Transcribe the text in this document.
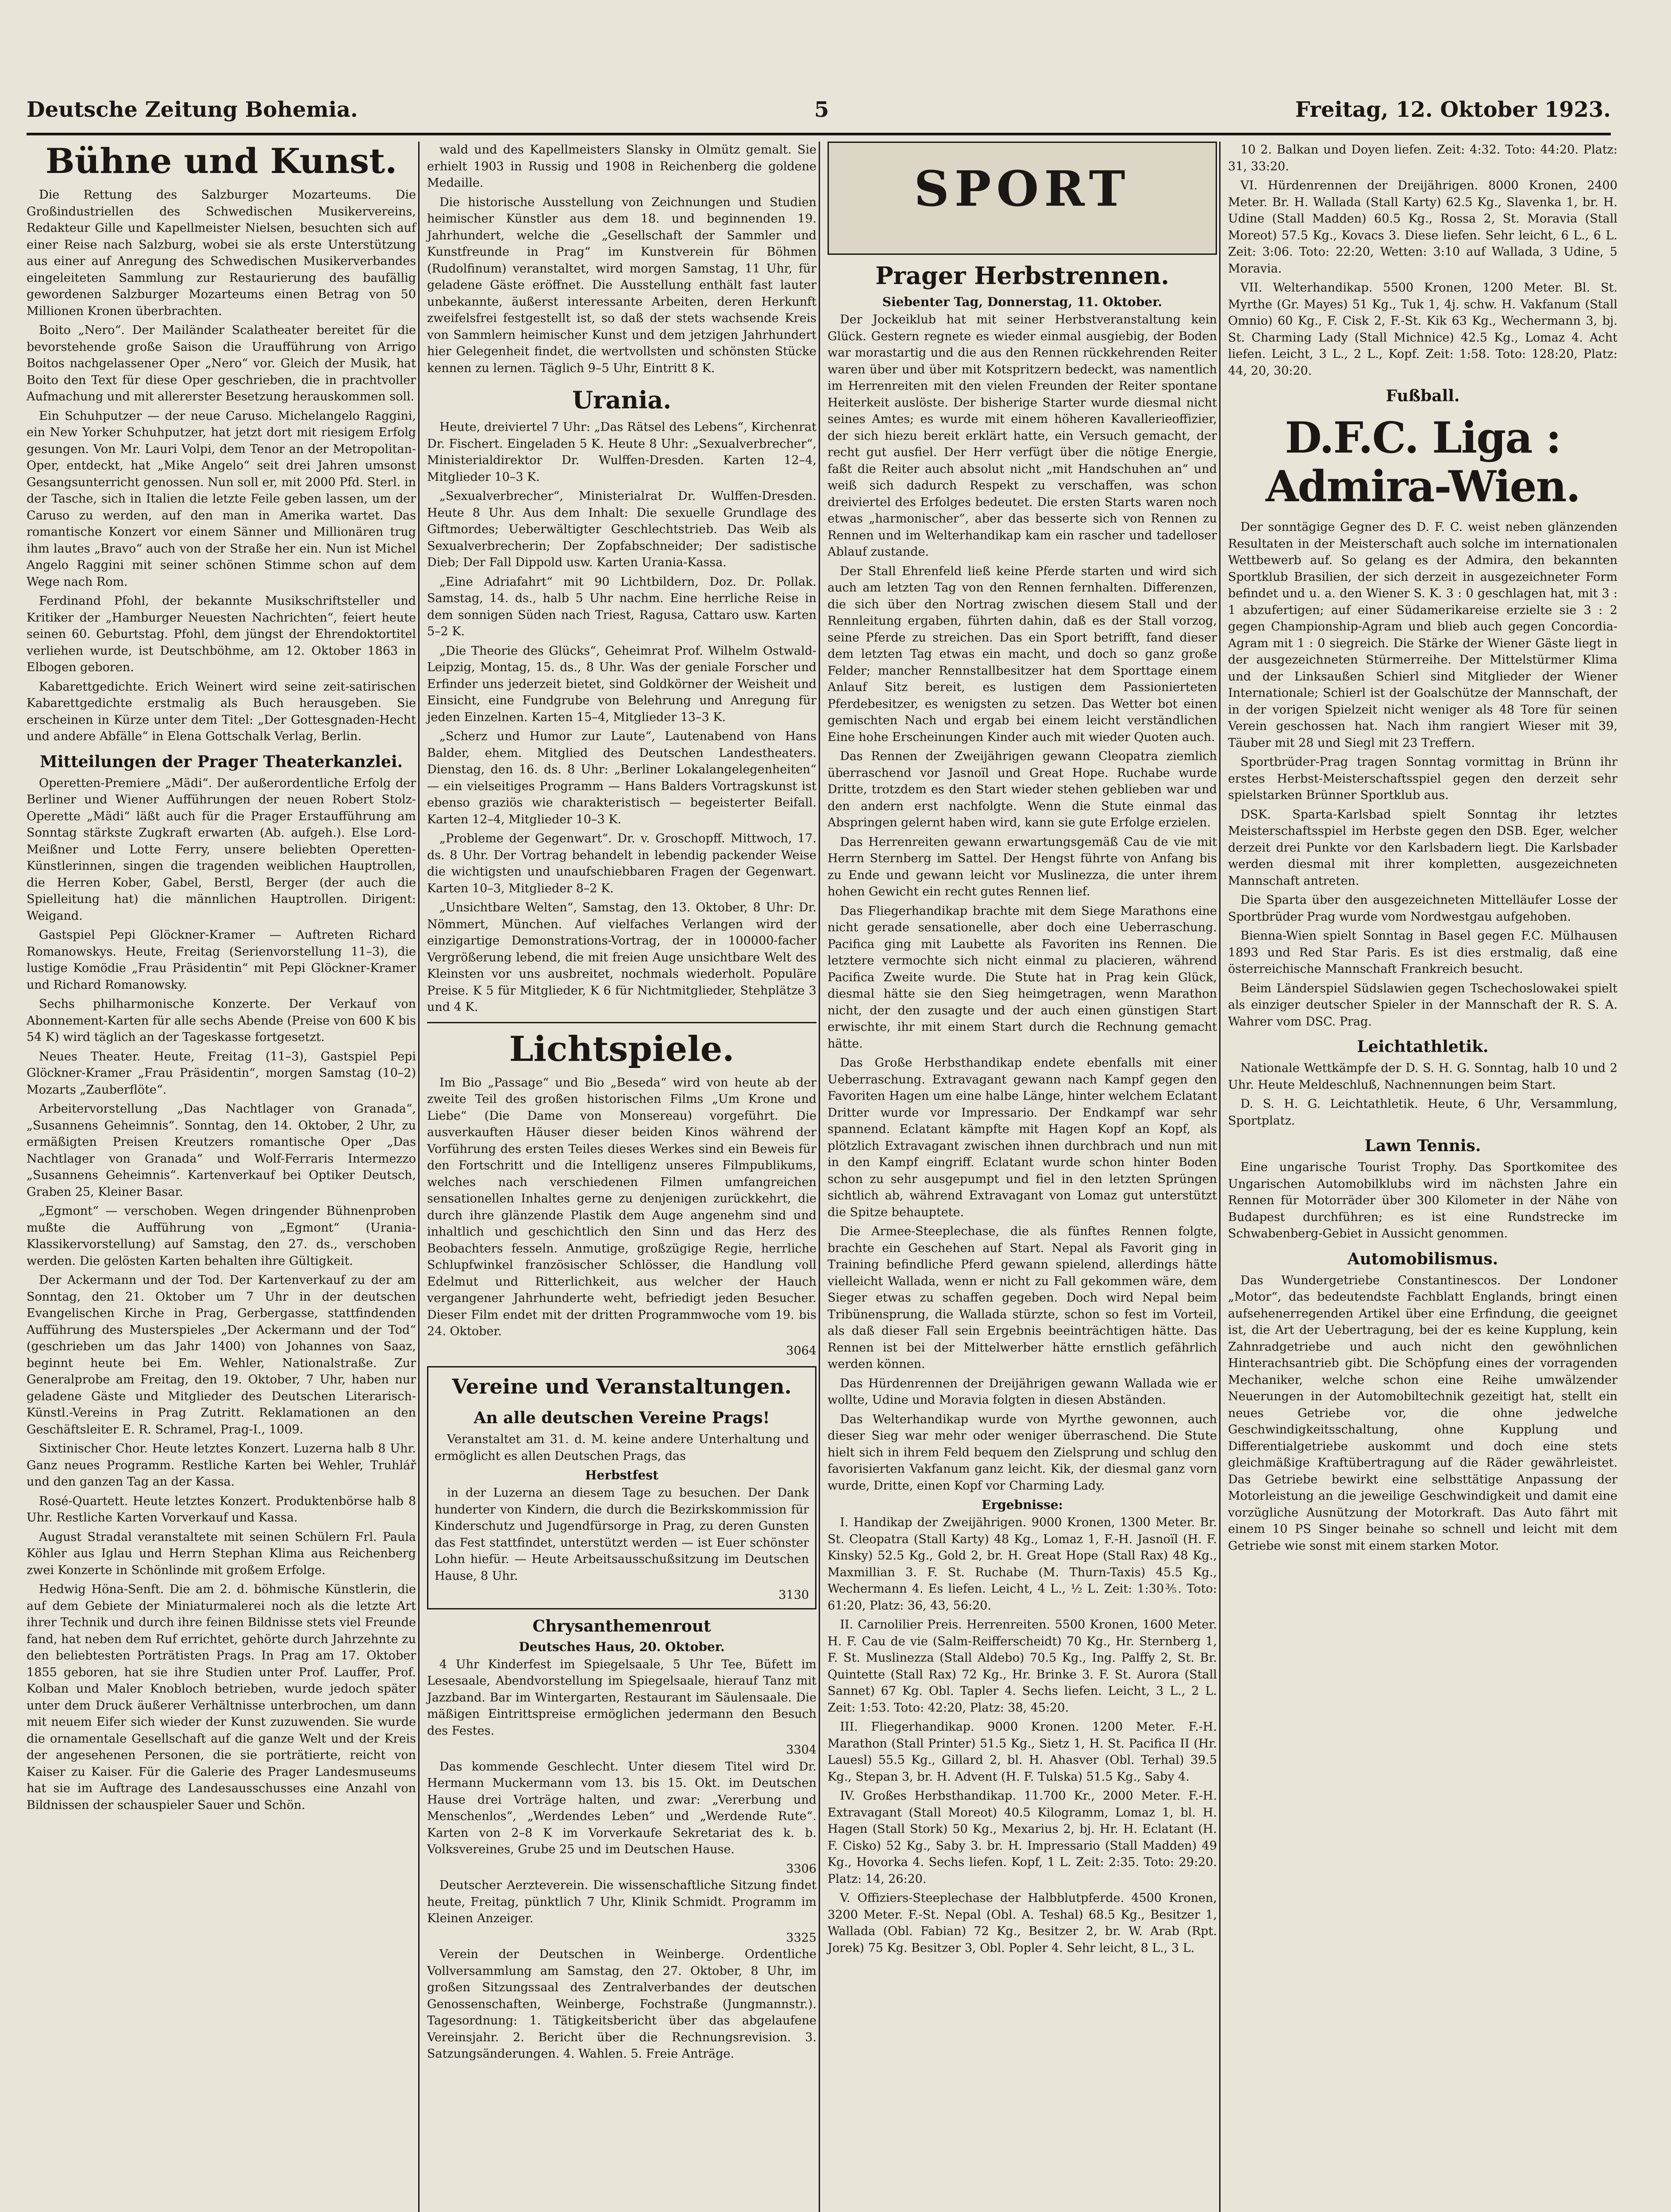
Deutsche Zeitung Bohemia.	5	Freitag, 12. Oktober 1923.
Bühne und Kunst.

Die Rettung des Salzburger Mozarteums. Die Großindustriellen des Schwedischen Musikervereins, Redakteur Gille und Kapellmeister Nielsen, besuchten sich auf einer Reise nach Salzburg, wobei sie als erste Unterstützung aus einer auf Anregung des Schwedischen Musikerverbandes eingeleiteten Sammlung zur Restaurierung des baufällig gewordenen Salzburger Mozarteums einen Betrag von 50 Millionen Kronen überbrachten.

Boito „Nero“. Der Mailänder Scalatheater bereitet für die bevorstehende große Saison die Uraufführung von Arrigo Boitos nachgelassener Oper „Nero“ vor. Gleich der Musik, hat Boito den Text für diese Oper geschrieben, die in prachtvoller Aufmachung und mit allererster Besetzung herauskommen soll.

Ein Schuhputzer — der neue Caruso. Michelangelo Raggini, ein New Yorker Schuhputzer, hat jetzt dort mit riesigem Erfolg gesungen. Von Mr. Lauri Volpi, dem Tenor an der Metropolitan-Oper, entdeckt, hat „Mike Angelo“ seit drei Jahren umsonst Gesangsunterricht genossen. Nun soll er, mit 2000 Pfd. Sterl. in der Tasche, sich in Italien die letzte Feile geben lassen, um der Caruso zu werden, auf den man in Amerika wartet. Das romantische Konzert vor einem Sänner und Millionären trug ihm lautes „Bravo“ auch von der Straße her ein. Nun ist Michel Angelo Raggini mit seiner schönen Stimme schon auf dem Wege nach Rom.

Ferdinand Pfohl, der bekannte Musikschriftsteller und Kritiker der „Hamburger Neuesten Nachrichten“, feiert heute seinen 60. Geburtstag. Pfohl, dem jüngst der Ehrendoktortitel verliehen wurde, ist Deutschböhme, am 12. Oktober 1863 in Elbogen geboren.

Kabarettgedichte. Erich Weinert wird seine zeit-satirischen Kabarettgedichte erstmalig als Buch herausgeben. Sie erscheinen in Kürze unter dem Titel: „Der Gottesgnaden-Hecht und andere Abfälle“ in Elena Gottschalk Verlag, Berlin.

Mitteilungen der Prager Theaterkanzlei.

Operetten-Premiere „Mädi“. Der außerordentliche Erfolg der Berliner und Wiener Aufführungen der neuen Robert Stolz-Operette „Mädi“ läßt auch für die Prager Erstaufführung am Sonntag stärkste Zugkraft erwarten (Ab. aufgeh.). Else Lord-Meißner und Lotte Ferry, unsere beliebten Operetten-Künstlerinnen, singen die tragenden weiblichen Hauptrollen, die Herren Kober, Gabel, Berstl, Berger (der auch die Spielleitung hat) die männlichen Hauptrollen. Dirigent: Weigand.

Gastspiel Pepi Glöckner-Kramer — Auftreten Richard Romanowskys. Heute, Freitag (Serienvorstellung 11–3), die lustige Komödie „Frau Präsidentin“ mit Pepi Glöckner-Kramer und Richard Romanowsky.

Sechs philharmonische Konzerte. Der Verkauf von Abonnement-Karten für alle sechs Abende (Preise von 600 K bis 54 K) wird täglich an der Tageskasse fortgesetzt.

Neues Theater. Heute, Freitag (11–3), Gastspiel Pepi Glöckner-Kramer „Frau Präsidentin“, morgen Samstag (10–2) Mozarts „Zauberflöte“.

Arbeitervorstellung „Das Nachtlager von Granada“, „Susannens Geheimnis“. Sonntag, den 14. Oktober, 2 Uhr, zu ermäßigten Preisen Kreutzers romantische Oper „Das Nachtlager von Granada“ und Wolf-Ferraris Intermezzo „Susannens Geheimnis“. Kartenverkauf bei Optiker Deutsch, Graben 25, Kleiner Basar.

„Egmont“ — verschoben. Wegen dringender Bühnenproben mußte die Aufführung von „Egmont“ (Urania-Klassikervorstellung) auf Samstag, den 27. ds., verschoben werden. Die gelösten Karten behalten ihre Gültigkeit.

Der Ackermann und der Tod. Der Kartenverkauf zu der am Sonntag, den 21. Oktober um 7 Uhr in der deutschen Evangelischen Kirche in Prag, Gerbergasse, stattfindenden Aufführung des Musterspieles „Der Ackermann und der Tod“ (geschrieben um das Jahr 1400) von Johannes von Saaz, beginnt heute bei Em. Wehler, Nationalstraße. Zur Generalprobe am Freitag, den 19. Oktober, 7 Uhr, haben nur geladene Gäste und Mitglieder des Deutschen Literarisch-Künstl.-Vereins in Prag Zutritt. Reklamationen an den Geschäftsleiter E. R. Schramel, Prag-I., 1009.

Sixtinischer Chor. Heute letztes Konzert. Luzerna halb 8 Uhr. Ganz neues Programm. Restliche Karten bei Wehler, Truhlář und den ganzen Tag an der Kassa.

Rosé-Quartett. Heute letztes Konzert. Produktenbörse halb 8 Uhr. Restliche Karten Vorverkauf und Kassa.

August Stradal veranstaltete mit seinen Schülern Frl. Paula Köhler aus Iglau und Herrn Stephan Klima aus Reichenberg zwei Konzerte in Schönlinde mit großem Erfolge.

Hedwig Höna-Senft. Die am 2. d. böhmische Künstlerin, die auf dem Gebiete der Miniaturmalerei noch als die letzte Art ihrer Technik und durch ihre feinen Bildnisse stets viel Freunde fand, hat neben dem Ruf errichtet, gehörte durch Jahrzehnte zu den beliebtesten Porträtisten Prags. In Prag am 17. Oktober 1855 geboren, hat sie ihre Studien unter Prof. Lauffer, Prof. Kolban und Maler Knobloch betrieben, wurde jedoch später unter dem Druck äußerer Verhältnisse unterbrochen, um dann mit neuem Eifer sich wieder der Kunst zuzuwenden. Sie wurde die ornamentale Gesellschaft auf die ganze Welt und der Kreis der angesehenen Personen, die sie porträtierte, reicht von Kaiser zu Kaiser. Für die Galerie des Prager Landesmuseums hat sie im Auftrage des Landesausschusses eine Anzahl von Bildnissen der schauspieler Sauer und Schön.

wald und des Kapellmeisters Slansky in Olmütz gemalt. Sie erhielt 1903 in Russig und 1908 in Reichenberg die goldene Medaille.

Die historische Ausstellung von Zeichnungen und Studien heimischer Künstler aus dem 18. und beginnenden 19. Jahrhundert, welche die „Gesellschaft der Sammler und Kunstfreunde in Prag“ im Kunstverein für Böhmen (Rudolfinum) veranstaltet, wird morgen Samstag, 11 Uhr, für geladene Gäste eröffnet. Die Ausstellung enthält fast lauter unbekannte, äußerst interessante Arbeiten, deren Herkunft zweifelsfrei festgestellt ist, so daß der stets wachsende Kreis von Sammlern heimischer Kunst und dem jetzigen Jahrhundert hier Gelegenheit findet, die wertvollsten und schönsten Stücke kennen zu lernen. Täglich 9–5 Uhr, Eintritt 8 K.

Urania.

Heute, dreiviertel 7 Uhr: „Das Rätsel des Lebens“, Kirchenrat Dr. Fischert. Eingeladen 5 K. Heute 8 Uhr: „Sexualverbrecher“, Ministerialdirektor Dr. Wulffen-Dresden. Karten 12–4, Mitglieder 10–3 K.

„Sexualverbrecher“, Ministerialrat Dr. Wulffen-Dresden. Heute 8 Uhr. Aus dem Inhalt: Die sexuelle Grundlage des Giftmordes; Ueberwältigter Geschlechtstrieb. Das Weib als Sexualverbrecherin; Der Zopfabschneider; Der sadistische Dieb; Der Fall Dippold usw. Karten Urania-Kassa.

„Eine Adriafahrt“ mit 90 Lichtbildern, Doz. Dr. Pollak. Samstag, 14. ds., halb 5 Uhr nachm. Eine herrliche Reise in dem sonnigen Süden nach Triest, Ragusa, Cattaro usw. Karten 5–2 K.

„Die Theorie des Glücks“, Geheimrat Prof. Wilhelm Ostwald-Leipzig, Montag, 15. ds., 8 Uhr. Was der geniale Forscher und Erfinder uns jederzeit bietet, sind Goldkörner der Weisheit und Einsicht, eine Fundgrube von Belehrung und Anregung für jeden Einzelnen. Karten 15–4, Mitglieder 13–3 K.

„Scherz und Humor zur Laute“, Lautenabend von Hans Balder, ehem. Mitglied des Deutschen Landestheaters. Dienstag, den 16. ds. 8 Uhr: „Berliner Lokalangelegenheiten“ — ein vielseitiges Programm — Hans Balders Vortragskunst ist ebenso graziös wie charakteristisch — begeisterter Beifall. Karten 12–4, Mitglieder 10–3 K.

„Probleme der Gegenwart“. Dr. v. Groschopff. Mittwoch, 17. ds. 8 Uhr. Der Vortrag behandelt in lebendig packender Weise die wichtigsten und unaufschiebbaren Fragen der Gegenwart. Karten 10–3, Mitglieder 8–2 K.

„Unsichtbare Welten“, Samstag, den 13. Oktober, 8 Uhr: Dr. Nömmert, München. Auf vielfaches Verlangen wird der einzigartige Demonstrations-Vortrag, der in 100000-facher Vergrößerung lebend, die mit freien Auge unsichtbare Welt des Kleinsten vor uns ausbreitet, nochmals wiederholt. Populäre Preise. K 5 für Mitglieder, K 6 für Nichtmitglieder, Stehplätze 3 und 4 K.

Lichtspiele.

Im Bio „Passage“ und Bio „Beseda“ wird von heute ab der zweite Teil des großen historischen Films „Um Krone und Liebe“ (Die Dame von Monsereau) vorgeführt. Die ausverkauften Häuser dieser beiden Kinos während der Vorführung des ersten Teiles dieses Werkes sind ein Beweis für den Fortschritt und die Intelligenz unseres Filmpublikums, welches nach verschiedenen Filmen umfangreichen sensationellen Inhaltes gerne zu denjenigen zurückkehrt, die durch ihre glänzende Plastik dem Auge angenehm sind und inhaltlich und geschichtlich den Sinn und das Herz des Beobachters fesseln. Anmutige, großzügige Regie, herrliche Schlupfwinkel französischer Schlösser, die Handlung voll Edelmut und Ritterlichkeit, aus welcher der Hauch vergangener Jahrhunderte weht, befriedigt jeden Besucher. Dieser Film endet mit der dritten Programmwoche vom 19. bis 24. Oktober.

3064
Vereine und Veranstaltungen.
An alle deutschen Vereine Prags!

Veranstaltet am 31. d. M. keine andere Unterhaltung und ermöglicht es allen Deutschen Prags, das

Herbstfest

in der Luzerna an diesem Tage zu besuchen. Der Dank hunderter von Kindern, die durch die Bezirkskommission für Kinderschutz und Jugendfürsorge in Prag, zu deren Gunsten das Fest stattfindet, unterstützt werden — ist Euer schönster Lohn hiefür. — Heute Arbeitsausschußsitzung im Deutschen Hause, 8 Uhr.

3130
Chrysanthemenrout
Deutsches Haus, 20. Oktober.

4 Uhr Kinderfest im Spiegelsaale, 5 Uhr Tee, Büfett im Lesesaale, Abendvorstellung im Spiegelsaale, hierauf Tanz mit Jazzband. Bar im Wintergarten, Restaurant im Säulensaale. Die mäßigen Eintrittspreise ermöglichen jedermann den Besuch des Festes.

3304

Das kommende Geschlecht. Unter diesem Titel wird Dr. Hermann Muckermann vom 13. bis 15. Okt. im Deutschen Hause drei Vorträge halten, und zwar: „Vererbung und Menschenlos“, „Werdendes Leben“ und „Werdende Rute“. Karten von 2–8 K im Vorverkaufe Sekretariat des k. b. Volksvereines, Grube 25 und im Deutschen Hause.

3306

Deutscher Aerzteverein. Die wissenschaftliche Sitzung findet heute, Freitag, pünktlich 7 Uhr, Klinik Schmidt. Programm im Kleinen Anzeiger.

3325

Verein der Deutschen in Weinberge. Ordentliche Vollversammlung am Samstag, den 27. Oktober, 8 Uhr, im großen Sitzungssaal des Zentralverbandes der deutschen Genossenschaften, Weinberge, Fochstraße (Jungmannstr.). Tagesordnung: 1. Tätigkeitsbericht über das abgelaufene Vereinsjahr. 2. Bericht über die Rechnungsrevision. 3. Satzungsänderungen. 4. Wahlen. 5. Freie Anträge.

SPORT
Prager Herbstrennen.
Siebenter Tag, Donnerstag, 11. Oktober.

Der Jockeiklub hat mit seiner Herbstveranstaltung kein Glück. Gestern regnete es wieder einmal ausgiebig, der Boden war morastartig und die aus den Rennen rückkehrenden Reiter waren über und über mit Kotspritzern bedeckt, was namentlich im Herrenreiten mit den vielen Freunden der Reiter spontane Heiterkeit auslöste. Der bisherige Starter wurde diesmal nicht seines Amtes; es wurde mit einem höheren Kavallerieoffizier, der sich hiezu bereit erklärt hatte, ein Versuch gemacht, der recht gut ausfiel. Der Herr verfügt über die nötige Energie, faßt die Reiter auch absolut nicht „mit Handschuhen an“ und weiß sich dadurch Respekt zu verschaffen, was schon dreiviertel des Erfolges bedeutet. Die ersten Starts waren noch etwas „harmonischer“, aber das besserte sich von Rennen zu Rennen und im Welterhandikap kam ein rascher und tadelloser Ablauf zustande.

Der Stall Ehrenfeld ließ keine Pferde starten und wird sich auch am letzten Tag von den Rennen fernhalten. Differenzen, die sich über den Nortrag zwischen diesem Stall und der Rennleitung ergaben, führten dahin, daß es der Stall vorzog, seine Pferde zu streichen. Das ein Sport betrifft, fand dieser dem letzten Tag etwas ein macht, und doch so ganz große Felder; mancher Rennstallbesitzer hat dem Sporttage einem Anlauf Sitz bereit, es lustigen dem Passionierteten Pferdebesitzer, es wenigsten zu setzen. Das Wetter bot einen gemischten Nach und ergab bei einem leicht verständlichen Eine hohe Erscheinungen Kinder auch mit wieder Quoten auch.

Das Rennen der Zweijährigen gewann Cleopatra ziemlich überraschend vor Jasnoïl und Great Hope. Ruchabe wurde Dritte, trotzdem es den Start wieder stehen geblieben war und den andern erst nachfolgte. Wenn die Stute einmal das Abspringen gelernt haben wird, kann sie gute Erfolge erzielen.

Das Herrenreiten gewann erwartungsgemäß Cau de vie mit Herrn Sternberg im Sattel. Der Hengst führte von Anfang bis zu Ende und gewann leicht vor Muslinezza, die unter ihrem hohen Gewicht ein recht gutes Rennen lief.

Das Fliegerhandikap brachte mit dem Siege Marathons eine nicht gerade sensationelle, aber doch eine Ueberraschung. Pacifica ging mit Laubette als Favoriten ins Rennen. Die letztere vermochte sich nicht einmal zu placieren, während Pacifica Zweite wurde. Die Stute hat in Prag kein Glück, diesmal hätte sie den Sieg heimgetragen, wenn Marathon nicht, der den zusagte und der auch einen günstigen Start erwischte, ihr mit einem Start durch die Rechnung gemacht hätte.

Das Große Herbsthandikap endete ebenfalls mit einer Ueberraschung. Extravagant gewann nach Kampf gegen den Favoriten Hagen um eine halbe Länge, hinter welchem Eclatant Dritter wurde vor Impressario. Der Endkampf war sehr spannend. Eclatant kämpfte mit Hagen Kopf an Kopf, als plötzlich Extravagant zwischen ihnen durchbrach und nun mit in den Kampf eingriff. Eclatant wurde schon hinter Boden schon zu sehr ausgepumpt und fiel in den letzten Sprüngen sichtlich ab, während Extravagant von Lomaz gut unterstützt die Spitze behauptete.

Die Armee-Steeplechase, die als fünftes Rennen folgte, brachte ein Geschehen auf Start. Nepal als Favorit ging in Training befindliche Pferd gewann spielend, allerdings hätte vielleicht Wallada, wenn er nicht zu Fall gekommen wäre, dem Sieger etwas zu schaffen gegeben. Doch wird Nepal beim Tribünensprung, die Wallada stürzte, schon so fest im Vorteil, als daß dieser Fall sein Ergebnis beeinträchtigen hätte. Das Rennen ist bei der Mittelwerber hätte ernstlich gefährlich werden können.

Das Hürdenrennen der Dreijährigen gewann Wallada wie er wollte, Udine und Moravia folgten in diesen Abständen.

Das Welterhandikap wurde von Myrthe gewonnen, auch dieser Sieg war mehr oder weniger überraschend. Die Stute hielt sich in ihrem Feld bequem den Zielsprung und schlug den favorisierten Vakfanum ganz leicht. Kik, der diesmal ganz vorn wurde, Dritte, einen Kopf vor Charming Lady.

Ergebnisse:

I. Handikap der Zweijährigen. 9000 Kronen, 1300 Meter. Br. St. Cleopatra (Stall Karty) 48 Kg., Lomaz 1, F.-H. Jasnoïl (H. F. Kinsky) 52.5 Kg., Gold 2, br. H. Great Hope (Stall Rax) 48 Kg., Maxmillian 3. F. St. Ruchabe (M. Thurn-Taxis) 45.5 Kg., Wechermann 4. Es liefen. Leicht, 4 L., ½ L. Zeit: 1:30⅗. Toto: 61:20, Platz: 36, 43, 56:20.

II. Carnolilier Preis. Herrenreiten. 5500 Kronen, 1600 Meter. H. F. Cau de vie (Salm-Reifferscheidt) 70 Kg., Hr. Sternberg 1, F. St. Muslinezza (Stall Aldebo) 70.5 Kg., Ing. Palffy 2, St. Br. Quintette (Stall Rax) 72 Kg., Hr. Brinke 3. F. St. Aurora (Stall Sannet) 67 Kg. Obl. Tapler 4. Sechs liefen. Leicht, 3 L., 2 L. Zeit: 1:53. Toto: 42:20, Platz: 38, 45:20.

III. Fliegerhandikap. 9000 Kronen. 1200 Meter. F.-H. Marathon (Stall Printer) 51.5 Kg., Sietz 1, H. St. Pacifica II (Hr. Lauesl) 55.5 Kg., Gillard 2, bl. H. Ahasver (Obl. Terhal) 39.5 Kg., Stepan 3, br. H. Advent (H. F. Tulska) 51.5 Kg., Saby 4.

IV. Großes Herbsthandikap. 11.700 Kr., 2000 Meter. F.-H. Extravagant (Stall Moreot) 40.5 Kilogramm, Lomaz 1, bl. H. Hagen (Stall Stork) 50 Kg., Mexarius 2, bj. Hr. H. Eclatant (H. F. Cisko) 52 Kg., Saby 3. br. H. Impressario (Stall Madden) 49 Kg., Hovorka 4. Sechs liefen. Kopf, 1 L. Zeit: 2:35. Toto: 29:20. Platz: 14, 26:20.

V. Offiziers-Steeplechase der Halbblutpferde. 4500 Kronen, 3200 Meter. F.-St. Nepal (Obl. A. Teshal) 68.5 Kg., Besitzer 1, Wallada (Obl. Fabian) 72 Kg., Besitzer 2, br. W. Arab (Rpt. Jorek) 75 Kg. Besitzer 3, Obl. Popler 4. Sehr leicht, 8 L., 3 L.

10 2. Balkan und Doyen liefen. Zeit: 4:32. Toto: 44:20. Platz: 31, 33:20.

VI. Hürdenrennen der Dreijährigen. 8000 Kronen, 2400 Meter. Br. H. Wallada (Stall Karty) 62.5 Kg., Slavenka 1, br. H. Udine (Stall Madden) 60.5 Kg., Rossa 2, St. Moravia (Stall Moreot) 57.5 Kg., Kovacs 3. Diese liefen. Sehr leicht, 6 L., 6 L. Zeit: 3:06. Toto: 22:20, Wetten: 3:10 auf Wallada, 3 Udine, 5 Moravia.

VII. Welterhandikap. 5500 Kronen, 1200 Meter. Bl. St. Myrthe (Gr. Mayes) 51 Kg., Tuk 1, 4j. schw. H. Vakfanum (Stall Omnio) 60 Kg., F. Cisk 2, F.-St. Kik 63 Kg., Wechermann 3, bj. St. Charming Lady (Stall Michnice) 42.5 Kg., Lomaz 4. Acht liefen. Leicht, 3 L., 2 L., Kopf. Zeit: 1:58. Toto: 128:20, Platz: 44, 20, 30:20.

Fußball.
D.F.C. Liga : Admira-Wien.

Der sonntägige Gegner des D. F. C. weist neben glänzenden Resultaten in der Meisterschaft auch solche im internationalen Wettbewerb auf. So gelang es der Admira, den bekannten Sportklub Brasilien, der sich derzeit in ausgezeichneter Form befindet und u. a. den Wiener S. K. 3 : 0 geschlagen hat, mit 3 : 1 abzufertigen; auf einer Südamerikareise erzielte sie 3 : 2 gegen Championship-Agram und blieb auch gegen Concordia-Agram mit 1 : 0 siegreich. Die Stärke der Wiener Gäste liegt in der ausgezeichneten Stürmerreihe. Der Mittelstürmer Klima und der Linksaußen Schierl sind Mitglieder der Wiener Internationale; Schierl ist der Goalschütze der Mannschaft, der in der vorigen Spielzeit nicht weniger als 48 Tore für seinen Verein geschossen hat. Nach ihm rangiert Wieser mit 39, Täuber mit 28 und Siegl mit 23 Treffern.

Sportbrüder-Prag tragen Sonntag vormittag in Brünn ihr erstes Herbst-Meisterschaftsspiel gegen den derzeit sehr spielstarken Brünner Sportklub aus.

DSK. Sparta-Karlsbad spielt Sonntag ihr letztes Meisterschaftsspiel im Herbste gegen den DSB. Eger, welcher derzeit drei Punkte vor den Karlsbadern liegt. Die Karlsbader werden diesmal mit ihrer kompletten, ausgezeichneten Mannschaft antreten.

Die Sparta über den ausgezeichneten Mittelläufer Losse der Sportbrüder Prag wurde vom Nordwestgau aufgehoben.

Bienna-Wien spielt Sonntag in Basel gegen F.C. Mülhausen 1893 und Red Star Paris. Es ist dies erstmalig, daß eine österreichische Mannschaft Frankreich besucht.

Beim Länderspiel Südslawien gegen Tschechoslowakei spielt als einziger deutscher Spieler in der Mannschaft der R. S. A. Wahrer vom DSC. Prag.

Leichtathletik.

Nationale Wettkämpfe der D. S. H. G. Sonntag, halb 10 und 2 Uhr. Heute Meldeschluß, Nachnennungen beim Start.

D. S. H. G. Leichtathletik. Heute, 6 Uhr, Versammlung, Sportplatz.

Lawn Tennis.

Eine ungarische Tourist Trophy. Das Sportkomitee des Ungarischen Automobilklubs wird im nächsten Jahre ein Rennen für Motorräder über 300 Kilometer in der Nähe von Budapest durchführen; es ist eine Rundstrecke im Schwabenberg-Gebiet in Aussicht genommen.

Automobilismus.

Das Wundergetriebe Constantinescos. Der Londoner „Motor“, das bedeutendste Fachblatt Englands, bringt einen aufsehenerregenden Artikel über eine Erfindung, die geeignet ist, die Art der Uebertragung, bei der es keine Kupplung, kein Zahnradgetriebe und auch nicht den gewöhnlichen Hinterachsantrieb gibt. Die Schöpfung eines der vorragenden Mechaniker, welche schon eine Reihe umwälzender Neuerungen in der Automobiltechnik gezeitigt hat, stellt ein neues Getriebe vor, die ohne jedwelche Geschwindigkeitsschaltung, ohne Kupplung und Differentialgetriebe auskommt und doch eine stets gleichmäßige Kraftübertragung auf die Räder gewährleistet. Das Getriebe bewirkt eine selbsttätige Anpassung der Motorleistung an die jeweilige Geschwindigkeit und damit eine vorzügliche Ausnützung der Motorkraft. Das Auto fährt mit einem 10 PS Singer beinahe so schnell und leicht mit dem Getriebe wie sonst mit einem starken Motor.
